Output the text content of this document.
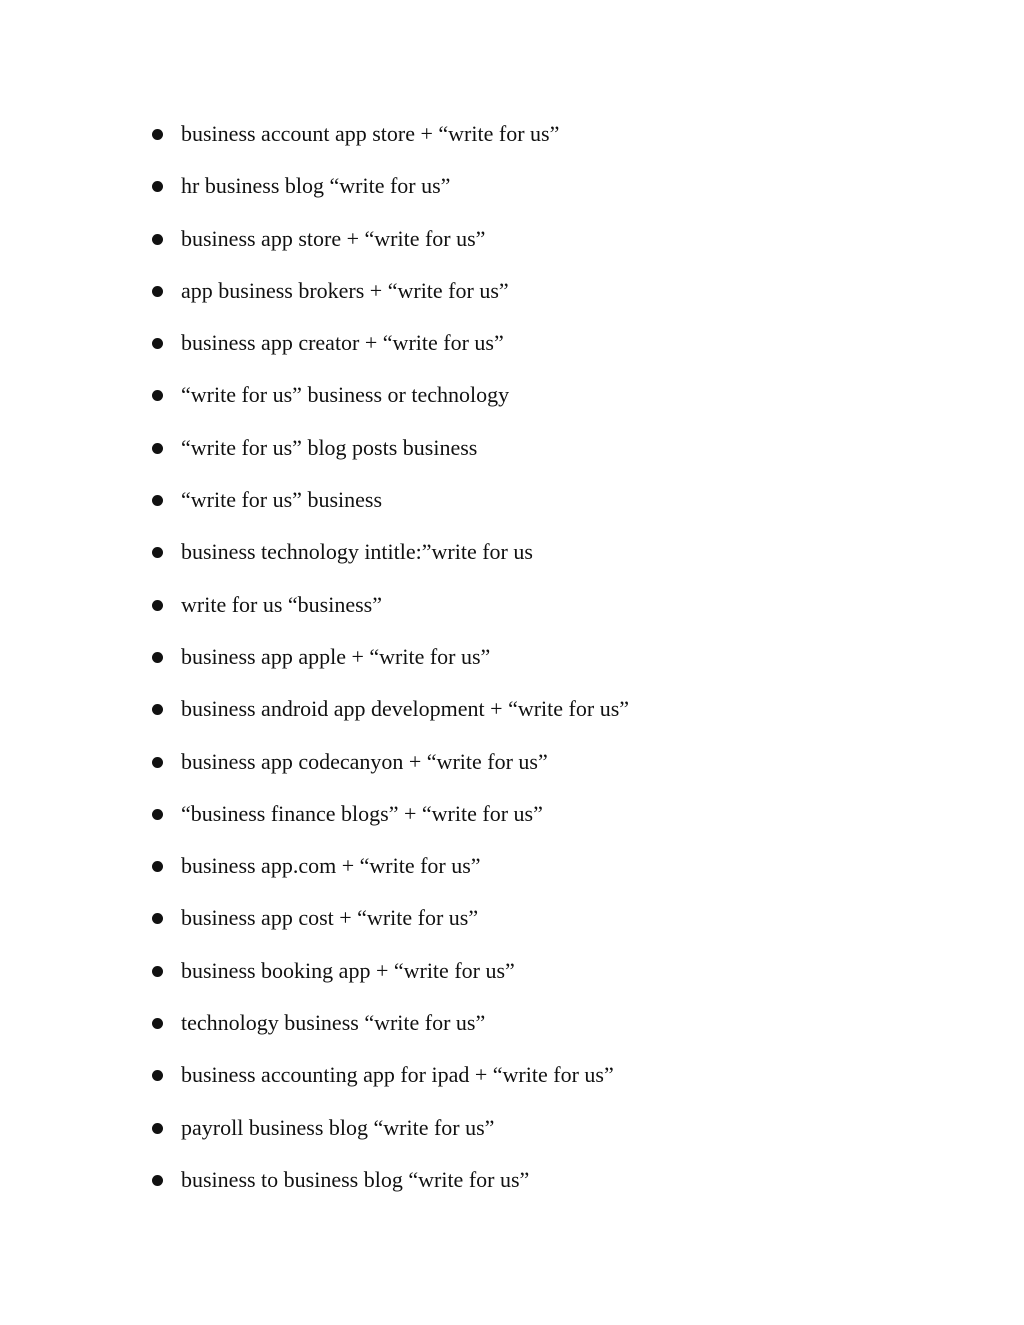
business account app store + “write for us”
hr business blog “write for us”
business app store + “write for us”
app business brokers + “write for us”
business app creator + “write for us”
“write for us” business or technology
“write for us” blog posts business
“write for us” business
business technology intitle:”write for us
write for us “business”
business app apple + “write for us”
business android app development + “write for us”
business app codecanyon + “write for us”
“business finance blogs” + “write for us”
business app.com + “write for us”
business app cost + “write for us”
business booking app + “write for us”
technology business “write for us”
business accounting app for ipad + “write for us”
payroll business blog “write for us”
business to business blog “write for us”
